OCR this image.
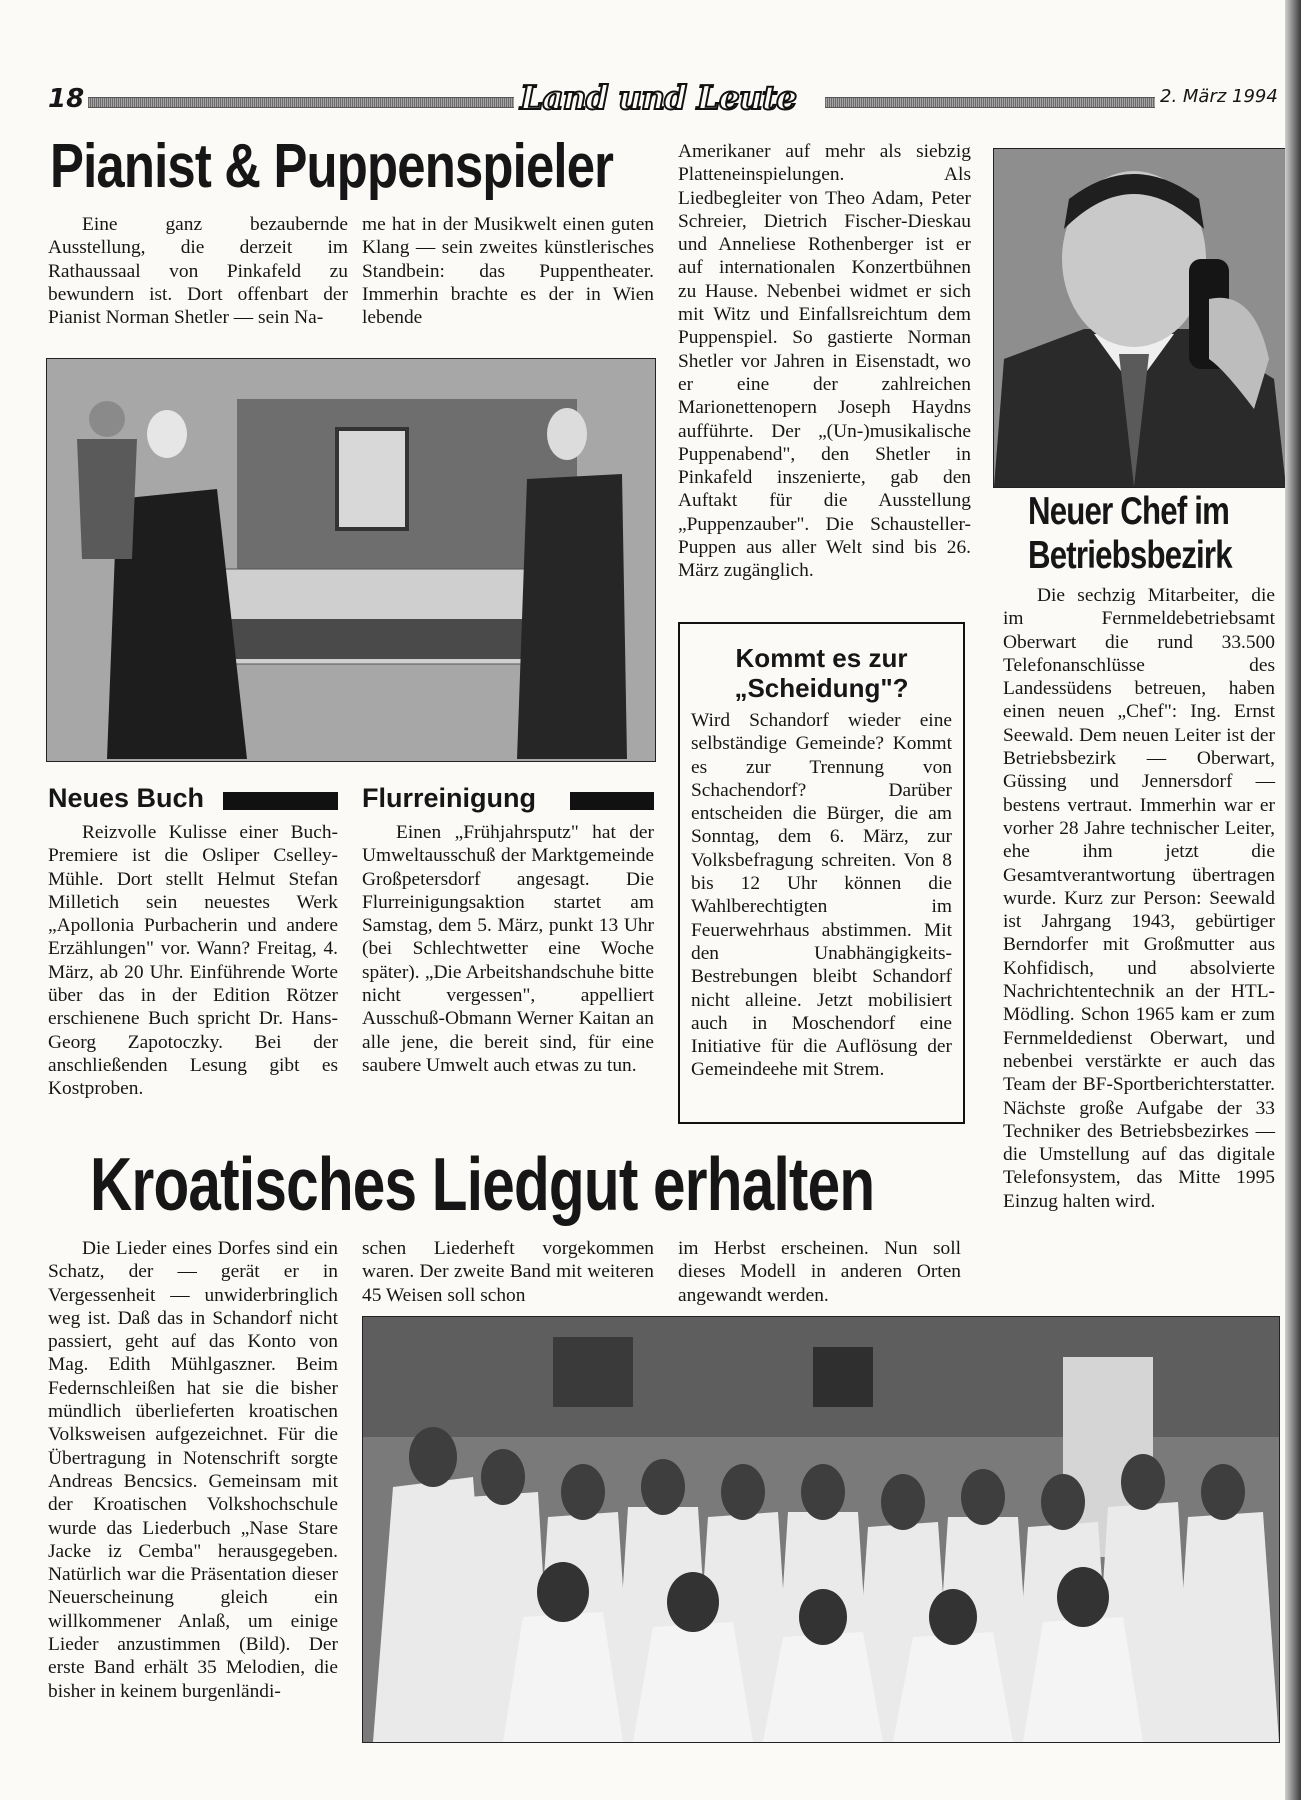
18	Land und Leute	2. März 1994
Pianist & Puppenspieler

Eine ganz bezaubernde Ausstellung, die derzeit im Rathaussaal von Pinkafeld zu bewundern ist. Dort offenbart der Pianist Norman Shetler — sein Na-

me hat in der Musikwelt einen guten Klang — sein zweites künstlerisches Standbein: das Puppentheater. Immerhin brachte es der in Wien lebende

Amerikaner auf mehr als siebzig Platteneinspielungen. Als Liedbegleiter von Theo Adam, Peter Schreier, Dietrich Fischer-Dieskau und Anneliese Rothenberger ist er auf internationalen Konzertbühnen zu Hause. Nebenbei widmet er sich mit Witz und Einfallsreichtum dem Puppenspiel. So gastierte Norman Shetler vor Jahren in Eisenstadt, wo er eine der zahlreichen Marionettenopern Joseph Haydns aufführte. Der „(Un-)musikalische Puppenabend", den Shetler in Pinkafeld inszenierte, gab den Auftakt für die Ausstellung „Puppenzauber". Die Schausteller-Puppen aus aller Welt sind bis 26. März zugänglich.

Neuer Chef im
Betriebsbezirk

Die sechzig Mitarbeiter, die im Fernmeldebetriebsamt Oberwart die rund 33.500 Telefonanschlüsse des Landessüdens betreuen, haben einen neuen „Chef": Ing. Ernst Seewald. Dem neuen Leiter ist der Betriebsbezirk — Oberwart, Güssing und Jennersdorf — bestens vertraut. Immerhin war er vorher 28 Jahre technischer Leiter, ehe ihm jetzt die Gesamtverantwortung übertragen wurde. Kurz zur Person: Seewald ist Jahrgang 1943, gebürtiger Berndorfer mit Großmutter aus Kohfidisch, und absolvierte Nachrichtentechnik an der HTL-Mödling. Schon 1965 kam er zum Fernmeldedienst Oberwart, und nebenbei verstärkte er auch das Team der BF-Sportberichterstatter. Nächste große Aufgabe der 33 Techniker des Betriebsbezirkes — die Umstellung auf das digitale Telefonsystem, das Mitte 1995 Einzug halten wird.

Neues Buch

Reizvolle Kulisse einer Buch-Premiere ist die Osliper Cselley-Mühle. Dort stellt Helmut Stefan Milletich sein neuestes Werk „Apollonia Purbacherin und andere Erzählungen" vor. Wann? Freitag, 4. März, ab 20 Uhr. Einführende Worte über das in der Edition Rötzer erschienene Buch spricht Dr. Hans-Georg Zapotoczky. Bei der anschließenden Lesung gibt es Kostproben.

Flurreinigung

Einen „Frühjahrsputz" hat der Umweltausschuß der Marktgemeinde Großpetersdorf angesagt. Die Flurreinigungsaktion startet am Samstag, dem 5. März, punkt 13 Uhr (bei Schlechtwetter eine Woche später). „Die Arbeitshandschuhe bitte nicht vergessen", appelliert Ausschuß-Obmann Werner Kaitan an alle jene, die bereit sind, für eine saubere Umwelt auch etwas zu tun.

Kommt es zur
„Scheidung"?

Wird Schandorf wieder eine selbständige Gemeinde? Kommt es zur Trennung von Schachendorf? Darüber entscheiden die Bürger, die am Sonntag, dem 6. März, zur Volksbefragung schreiten. Von 8 bis 12 Uhr können die Wahlberechtigten im Feuerwehrhaus abstimmen. Mit den Unabhängigkeits-Bestrebungen bleibt Schandorf nicht alleine. Jetzt mobilisiert auch in Moschendorf eine Initiative für die Auflösung der Gemeindeehe mit Strem.

Kroatisches Liedgut erhalten

Die Lieder eines Dorfes sind ein Schatz, der — gerät er in Vergessenheit — unwiderbringlich weg ist. Daß das in Schandorf nicht passiert, geht auf das Konto von Mag. Edith Mühlgaszner. Beim Federnschleißen hat sie die bisher mündlich überlieferten kroatischen Volksweisen aufgezeichnet. Für die Übertragung in Notenschrift sorgte Andreas Bencsics. Gemeinsam mit der Kroatischen Volkshochschule wurde das Liederbuch „Nase Stare Jacke iz Cemba" herausgegeben. Natürlich war die Präsentation dieser Neuerscheinung gleich ein willkommener Anlaß, um einige Lieder anzustimmen (Bild). Der erste Band erhält 35 Melodien, die bisher in keinem burgenländi-

schen Liederheft vorgekommen waren. Der zweite Band mit weiteren 45 Weisen soll schon

im Herbst erscheinen. Nun soll dieses Modell in anderen Orten angewandt werden.
